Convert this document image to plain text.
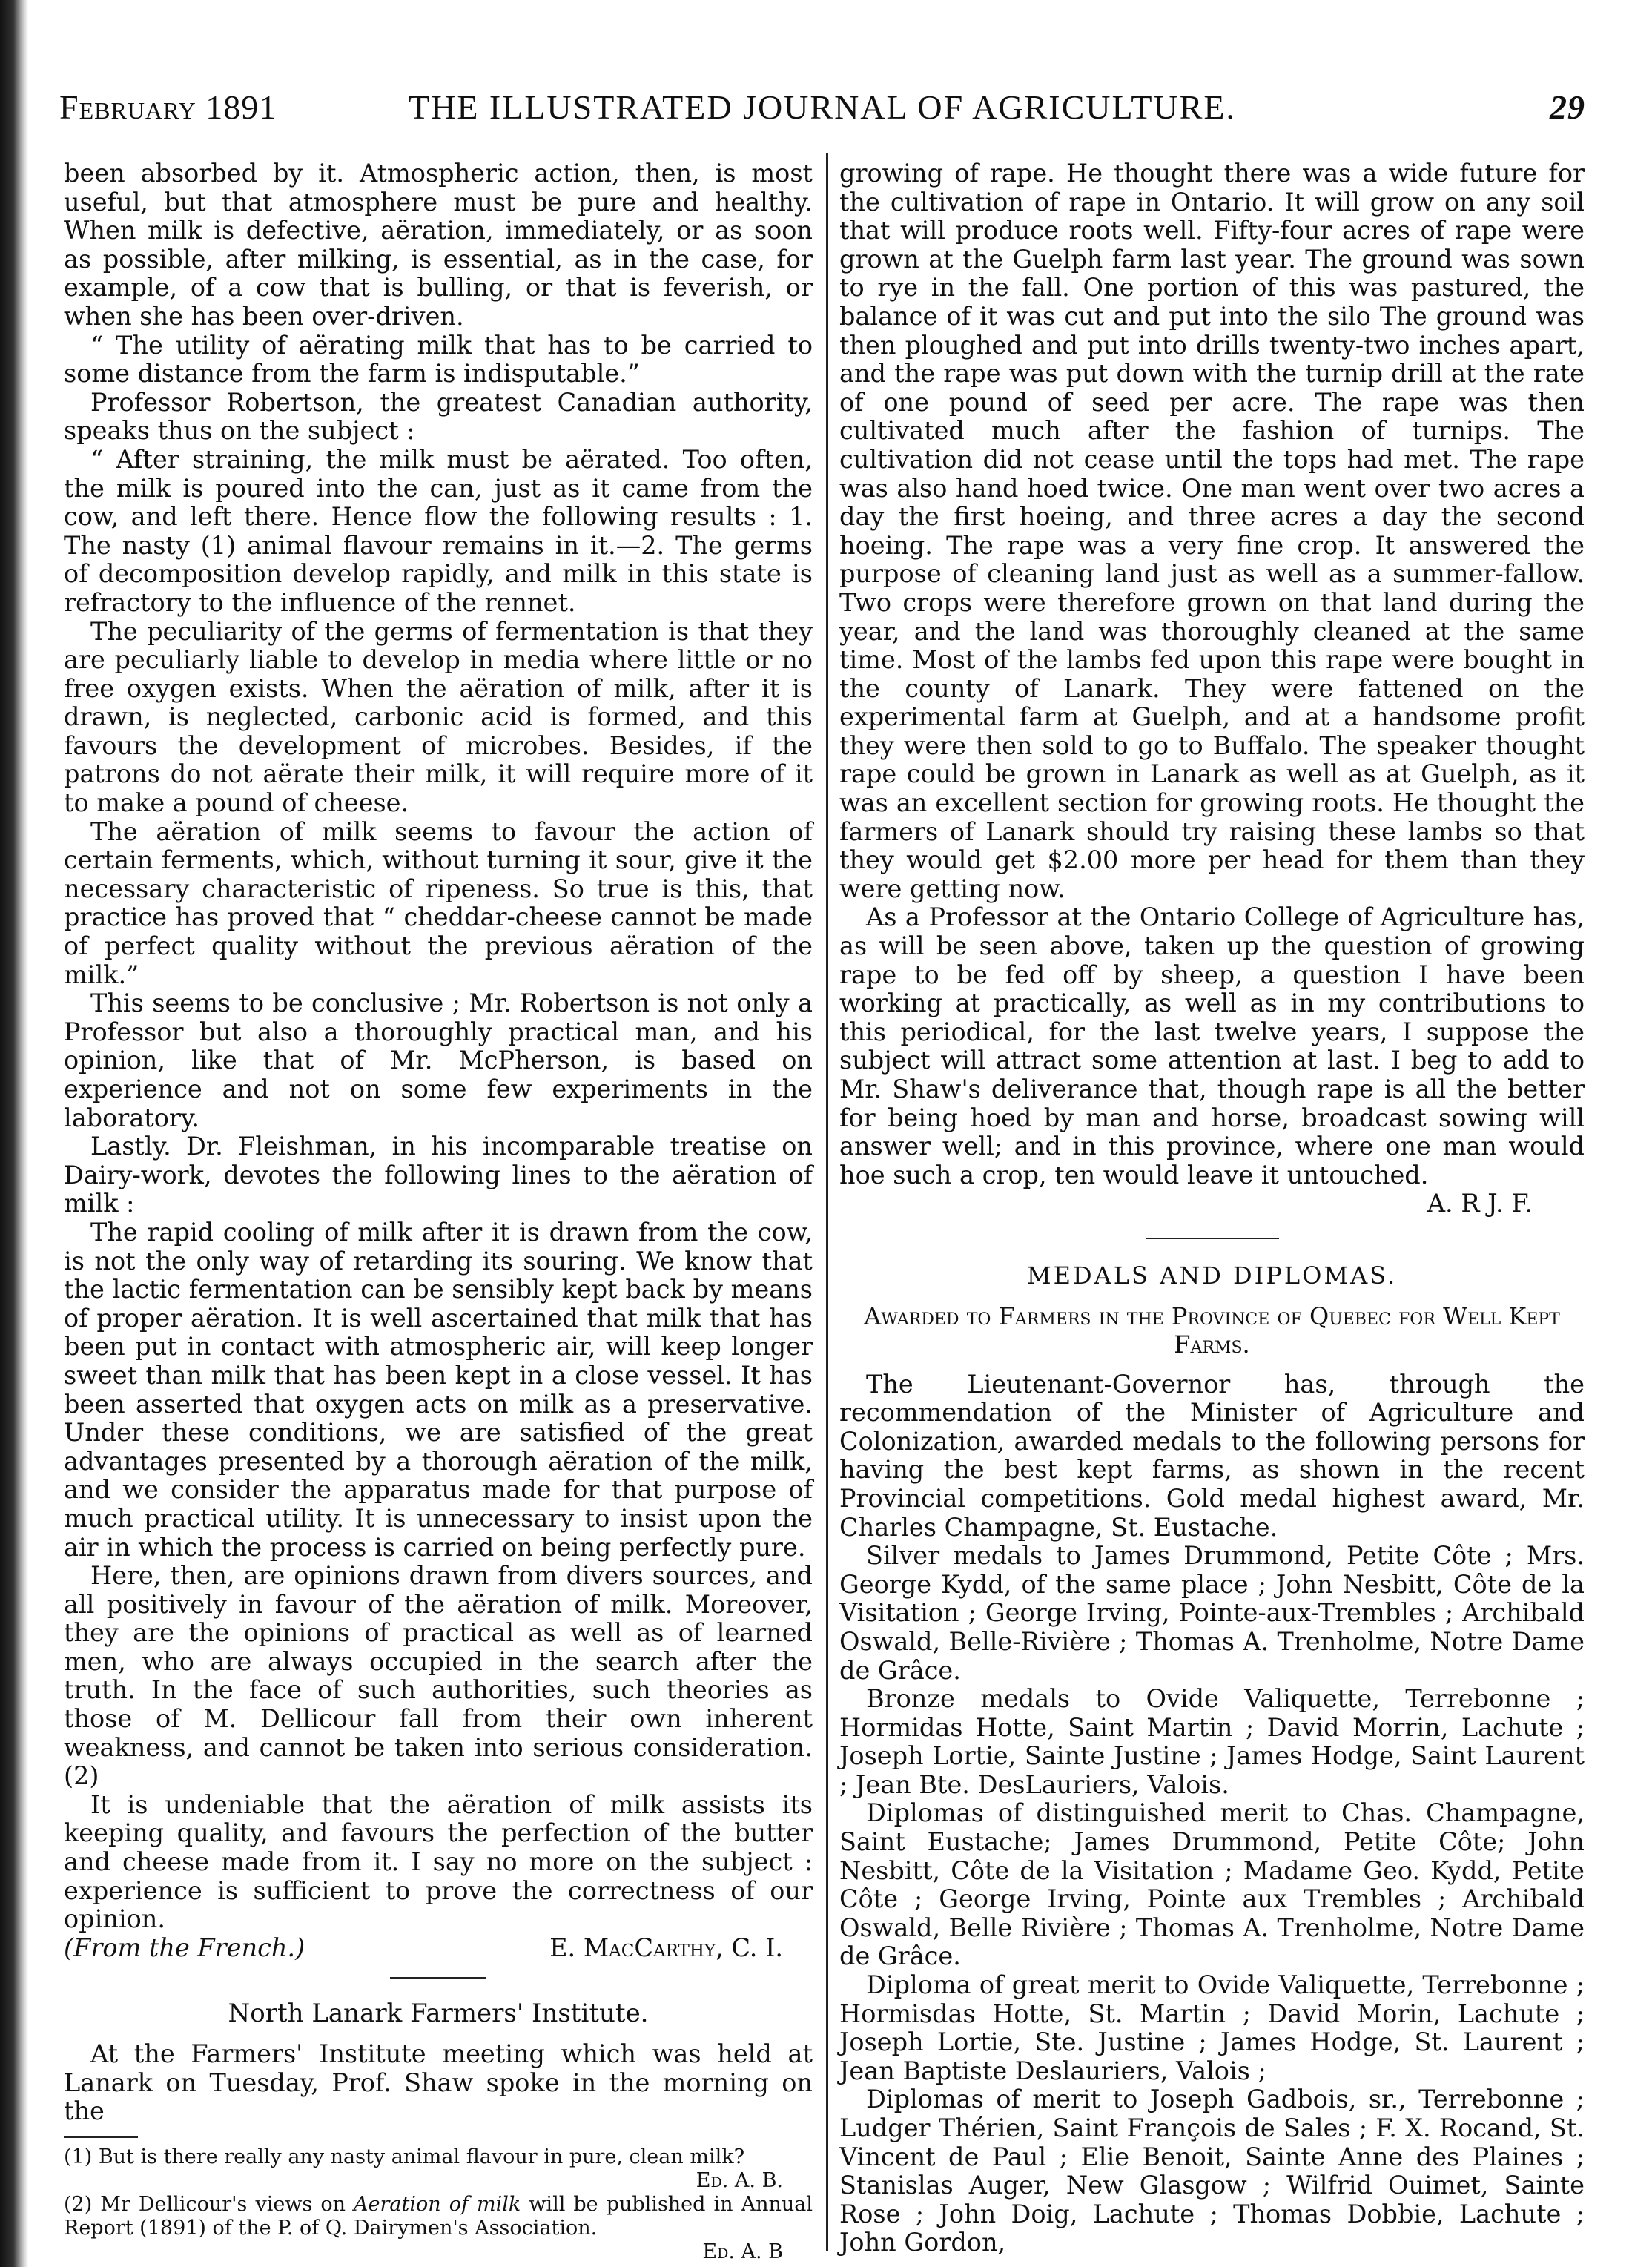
February 1891	THE ILLUSTRATED JOURNAL OF AGRICULTURE.	29

been absorbed by it. Atmospheric action, then, is most useful, but that atmosphere must be pure and healthy. When milk is defective, aëration, immediately, or as soon as possible, after milking, is essential, as in the case, for example, of a cow that is bulling, or that is feverish, or when she has been over-driven.

“ The utility of aërating milk that has to be carried to some distance from the farm is indisputable.”

Professor Robertson, the greatest Canadian authority, speaks thus on the subject :

“ After straining, the milk must be aërated. Too often, the milk is poured into the can, just as it came from the cow, and left there. Hence flow the following results : 1. The nasty (1) animal flavour remains in it.—2. The germs of decomposition develop rapidly, and milk in this state is refractory to the influence of the rennet.

The peculiarity of the germs of fermentation is that they are peculiarly liable to develop in media where little or no free oxygen exists. When the aëration of milk, after it is drawn, is neglected, carbonic acid is formed, and this favours the development of microbes. Besides, if the patrons do not aërate their milk, it will require more of it to make a pound of cheese.

The aëration of milk seems to favour the action of certain ferments, which, without turning it sour, give it the necessary characteristic of ripeness. So true is this, that practice has proved that “ cheddar-cheese cannot be made of perfect quality without the previous aëration of the milk.”

This seems to be conclusive ; Mr. Robertson is not only a Professor but also a thoroughly practical man, and his opinion, like that of Mr. McPherson, is based on experience and not on some few experiments in the laboratory.

Lastly. Dr. Fleishman, in his incomparable treatise on Dairy-work, devotes the following lines to the aëration of milk :

The rapid cooling of milk after it is drawn from the cow, is not the only way of retarding its souring. We know that the lactic fermentation can be sensibly kept back by means of proper aëration. It is well ascertained that milk that has been put in contact with atmospheric air, will keep longer sweet than milk that has been kept in a close vessel. It has been asserted that oxygen acts on milk as a preservative. Under these conditions, we are satisfied of the great advantages presented by a thorough aëration of the milk, and we consider the apparatus made for that purpose of much practical utility. It is unnecessary to insist upon the air in which the process is carried on being perfectly pure.

Here, then, are opinions drawn from divers sources, and all positively in favour of the aëration of milk. Moreover, they are the opinions of practical as well as of learned men, who are always occupied in the search after the truth. In the face of such authorities, such theories as those of M. Dellicour fall from their own inherent weakness, and cannot be taken into serious consideration. (2)

It is undeniable that the aëration of milk assists its keeping quality, and favours the perfection of the butter and cheese made from it. I say no more on the subject : experience is sufficient to prove the correctness of our opinion.

(From the French.)	E. MacCarthy, C. I.
North Lanark Farmers' Institute.

At the Farmers' Institute meeting which was held at Lanark on Tuesday, Prof. Shaw spoke in the morning on the

(1) But is there really any nasty animal flavour in pure, clean milk?
Ed. A. B.
(2) Mr Dellicour's views on Aeration of milk will be published in Annual Report (1891) of the P. of Q. Dairymen's Association.
Ed. A. B

growing of rape. He thought there was a wide future for the cultivation of rape in Ontario. It will grow on any soil that will produce roots well. Fifty-four acres of rape were grown at the Guelph farm last year. The ground was sown to rye in the fall. One portion of this was pastured, the balance of it was cut and put into the silo The ground was then ploughed and put into drills twenty-two inches apart, and the rape was put down with the turnip drill at the rate of one pound of seed per acre. The rape was then cultivated much after the fashion of turnips. The cultivation did not cease until the tops had met. The rape was also hand hoed twice. One man went over two acres a day the first hoeing, and three acres a day the second hoeing. The rape was a very fine crop. It answered the purpose of cleaning land just as well as a summer-fallow. Two crops were therefore grown on that land during the year, and the land was thoroughly cleaned at the same time. Most of the lambs fed upon this rape were bought in the county of Lanark. They were fattened on the experimental farm at Guelph, and at a handsome profit they were then sold to go to Buffalo. The speaker thought rape could be grown in Lanark as well as at Guelph, as it was an excellent section for growing roots. He thought the farmers of Lanark should try raising these lambs so that they would get $2.00 more per head for them than they were getting now.

As a Professor at the Ontario College of Agriculture has, as will be seen above, taken up the question of growing rape to be fed off by sheep, a question I have been working at practically, as well as in my contributions to this periodical, for the last twelve years, I suppose the subject will attract some attention at last. I beg to add to Mr. Shaw's deliverance that, though rape is all the better for being hoed by man and horse, broadcast sowing will answer well; and in this province, where one man would hoe such a crop, ten would leave it untouched.

A. R J. F.
MEDALS AND DIPLOMAS.
Awarded to Farmers in the Province of Quebec for Well Kept Farms.

The Lieutenant-Governor has, through the recommendation of the Minister of Agriculture and Colonization, awarded medals to the following persons for having the best kept farms, as shown in the recent Provincial competitions. Gold medal highest award, Mr. Charles Champagne, St. Eustache.

Silver medals to James Drummond, Petite Côte ; Mrs. George Kydd, of the same place ; John Nesbitt, Côte de la Visitation ; George Irving, Pointe-aux-Trembles ; Archibald Oswald, Belle-Rivière ; Thomas A. Trenholme, Notre Dame de Grâce.

Bronze medals to Ovide Valiquette, Terrebonne ; Hormidas Hotte, Saint Martin ; David Morrin, Lachute ; Joseph Lortie, Sainte Justine ; James Hodge, Saint Laurent ; Jean Bte. DesLauriers, Valois.

Diplomas of distinguished merit to Chas. Champagne, Saint Eustache; James Drummond, Petite Côte; John Nesbitt, Côte de la Visitation ; Madame Geo. Kydd, Petite Côte ; George Irving, Pointe aux Trembles ; Archibald Oswald, Belle Rivière ; Thomas A. Trenholme, Notre Dame de Grâce.

Diploma of great merit to Ovide Valiquette, Terrebonne ; Hormisdas Hotte, St. Martin ; David Morin, Lachute ; Joseph Lortie, Ste. Justine ; James Hodge, St. Laurent ; Jean Baptiste Deslauriers, Valois ;

Diplomas of merit to Joseph Gadbois, sr., Terrebonne ; Ludger Thérien, Saint François de Sales ; F. X. Rocand, St. Vincent de Paul ; Elie Benoit, Sainte Anne des Plaines ; Stanislas Auger, New Glasgow ; Wilfrid Ouimet, Sainte Rose ; John Doig, Lachute ; Thomas Dobbie, Lachute ; John Gordon,
